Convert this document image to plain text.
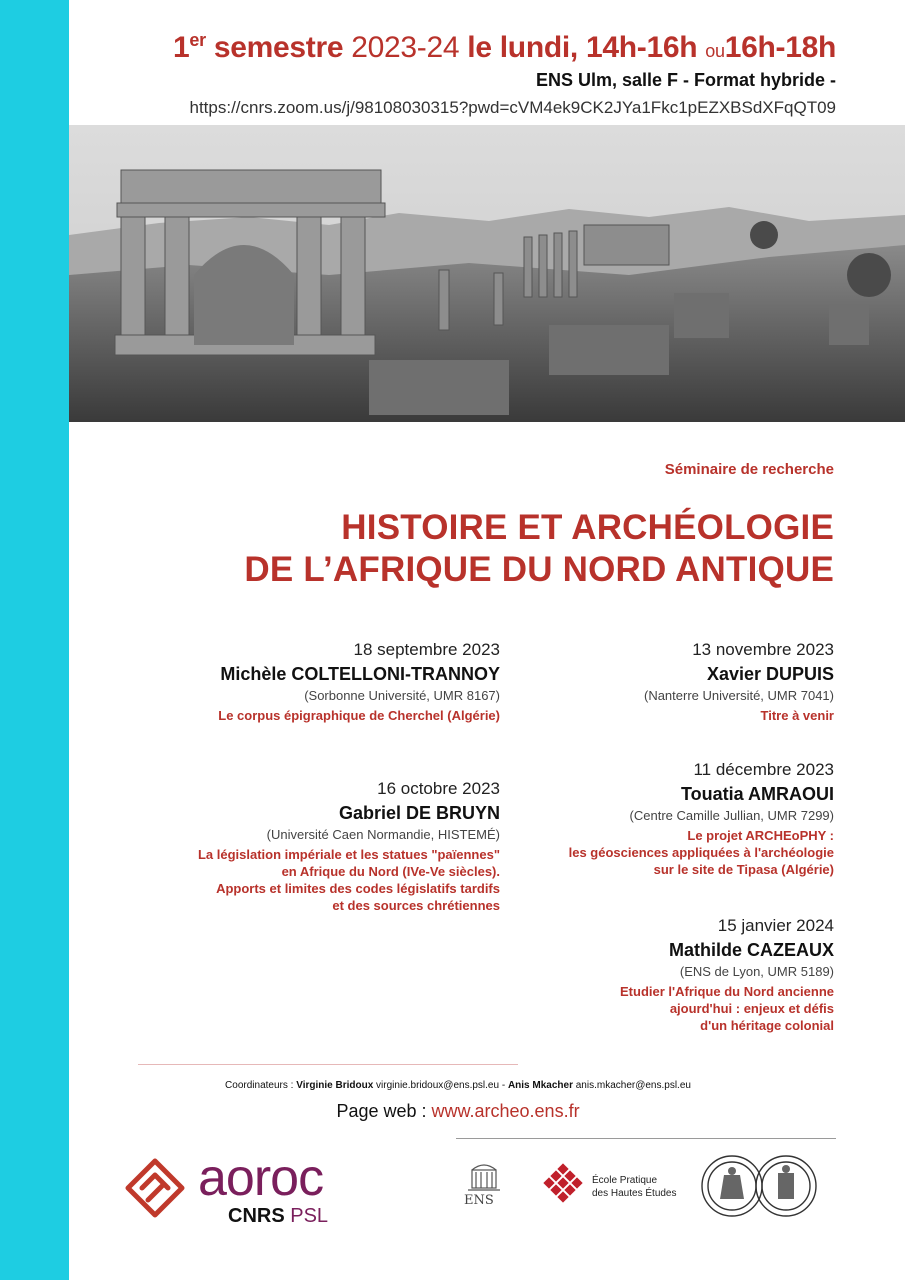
1er semestre 2023-24 le lundi, 14h-16h ou16h-18h
ENS Ulm, salle F - Format hybride -
https://cnrs.zoom.us/j/98108030315?pwd=cVM4ek9CK2JYa1Fkc1pEZXBSdXFqQT09
Séminaire de recherche
HISTOIRE ET ARCHÉOLOGIE
DE L’AFRIQUE DU NORD ANTIQUE
18 septembre 2023
Michèle COLTELLONI-TRANNOY
(Sorbonne Université, UMR 8167)
Le corpus épigraphique de Cherchel (Algérie)
16 octobre 2023
Gabriel DE BRUYN
(Université Caen Normandie, HISTEMÉ)
La législation impériale et les statues "païennes"
en Afrique du Nord (IVe-Ve siècles).
Apports et limites des codes législatifs tardifs
et des sources chrétiennes
13 novembre 2023
Xavier DUPUIS
(Nanterre Université, UMR 7041)
Titre à venir
11 décembre 2023
Touatia AMRAOUI
(Centre Camille Jullian, UMR 7299)
Le projet ARCHEoPHY :
les géosciences appliquées à l'archéologie
sur le site de Tipasa (Algérie)
15 janvier 2024
Mathilde CAZEAUX
(ENS de Lyon, UMR 5189)
Etudier l'Afrique du Nord ancienne
ajourd'hui : enjeux et défis
d'un héritage colonial
Coordinateurs : Virginie Bridoux virginie.bridoux@ens.psl.eu - Anis Mkacher anis.mkacher@ens.psl.eu
Page web : www.archeo.ens.fr
aoroc
CNRS PSL
ENS
École Pratique
des Hautes Études
